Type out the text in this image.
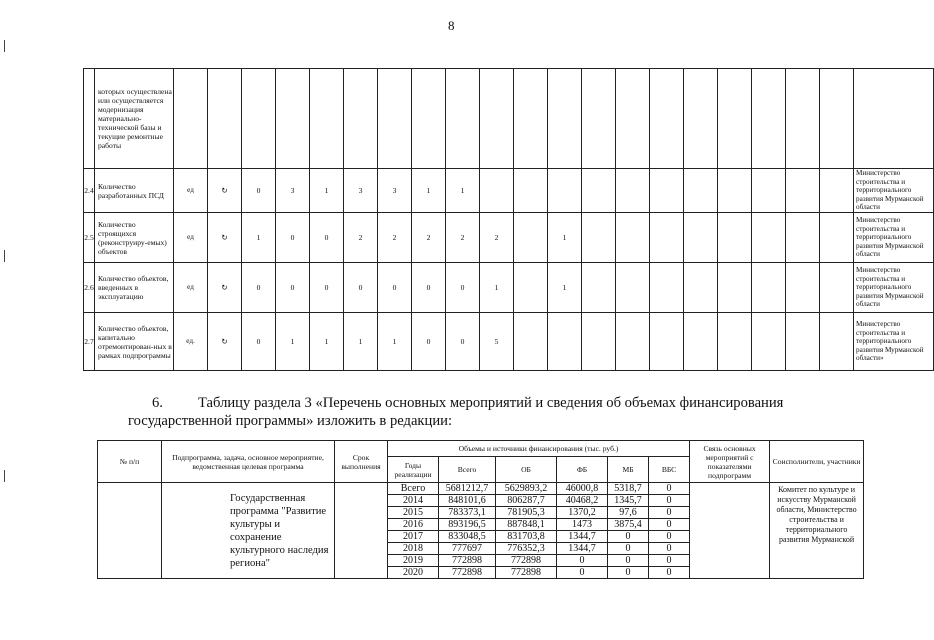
8
	которых осуществлена или осуществляется модернизация материально-технической базы и текущие ремонтные работы																					
2.4	Количество разработанных ПСД	ед	↻	0	3	1	3	3	1	1												Министерство строительства и территориального развития Мурманской области
2.5	Количество строящихся (реконструиру-емых) объектов	ед	↻	1	0	0	2	2	2	2	2		1									Министерство строительства и территориального развития Мурманской области
2.6	Количество объектов, введенных в эксплуатацию	ед	↻	0	0	0	0	0	0	0	1		1									Министерство строительства и территориального развития Мурманской области
2.7	Количество объектов, капитально отремонтирован-ных в рамках подпрограммы	ед.	↻	0	1	1	1	1	0	0	5											Министерство строительства и территориального развития Мурманской области»
6. Таблицу раздела 3 «Перечень основных мероприятий и сведения об объемах финансирования государственной программы» изложить в редакции:
№ п/п	Подпрограмма, задача, основное мероприятие, ведомственная целевая программа	Срок выполнения	Объемы и источники финансирования (тыс. руб.)						Связь основных мероприятий с показателями подпрограмм	Соисполнители, участники
			Годы реализации	Всего	ОБ	ФБ	МБ	ВБС		
	Государственная программа "Развитие культуры и сохранение культурного наследия региона"		Всего	5681212,7	5629893,2	46000,8	5318,7	0		Комитет по культуре и искусству Мурманской области, Министерство строительства и территориального развития Мурманской
			2014	848101,6	806287,7	40468,2	1345,7	0		
			2015	783373,1	781905,3	1370,2	97,6	0		
			2016	893196,5	887848,1	1473	3875,4	0		
			2017	833048,5	831703,8	1344,7	0	0		
			2018	777697	776352,3	1344,7	0	0		
			2019	772898	772898	0	0	0		
			2020	772898	772898	0	0	0		
